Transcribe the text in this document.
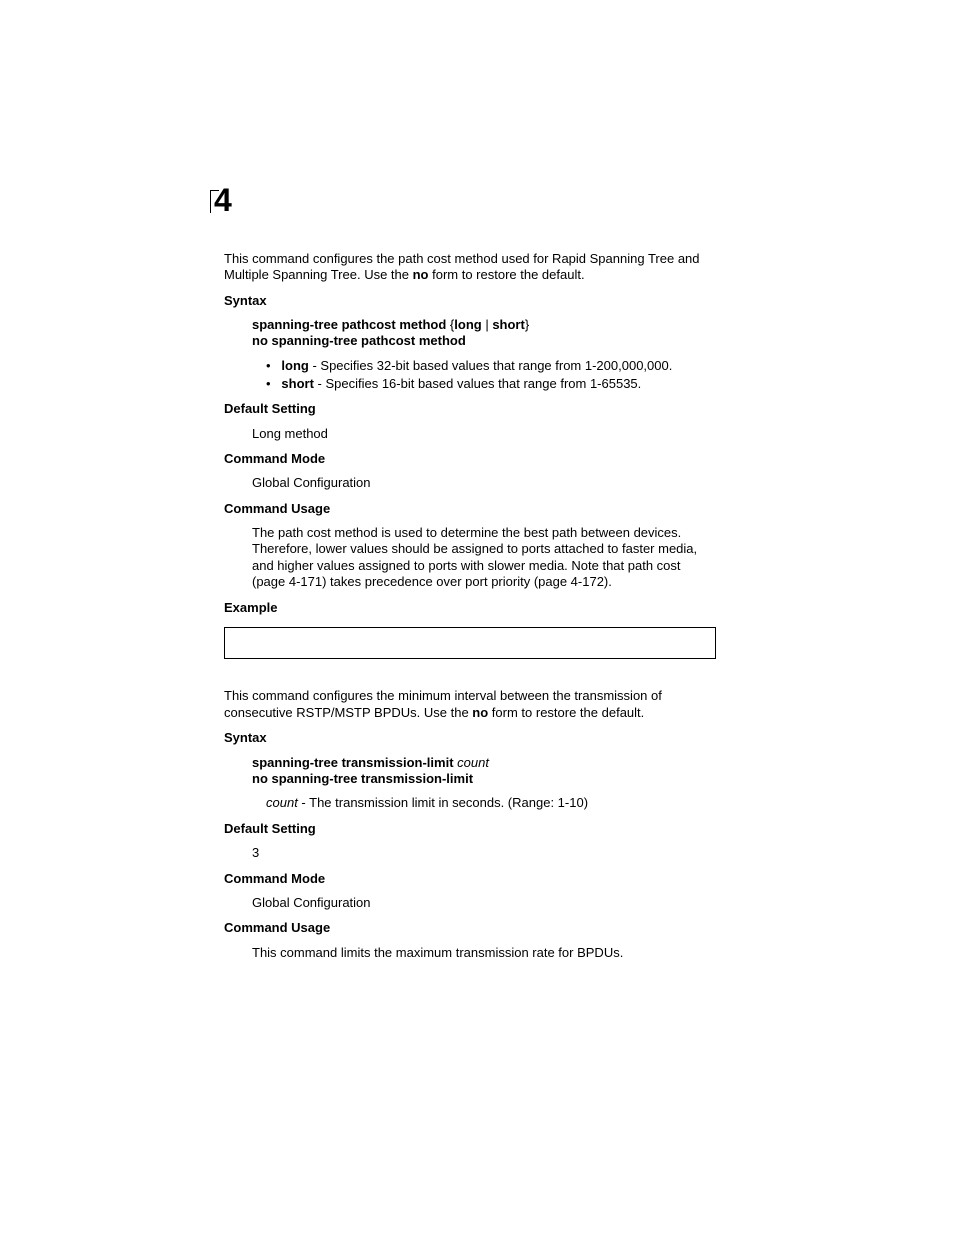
4
This command configures the path cost method used for Rapid Spanning Tree and
Multiple Spanning Tree. Use the no form to restore the default.
Syntax
spanning-tree pathcost method {long | short}
no spanning-tree pathcost method
• long - Specifies 32-bit based values that range from 1-200,000,000.
• short - Specifies 16-bit based values that range from 1-65535.
Default Setting
Long method
Command Mode
Global Configuration
Command Usage
The path cost method is used to determine the best path between devices.
Therefore, lower values should be assigned to ports attached to faster media,
and higher values assigned to ports with slower media. Note that path cost
(page 4-171) takes precedence over port priority (page 4-172).
Example
This command configures the minimum interval between the transmission of
consecutive RSTP/MSTP BPDUs. Use the no form to restore the default.
Syntax
spanning-tree transmission-limit count
no spanning-tree transmission-limit
count - The transmission limit in seconds. (Range: 1-10)
Default Setting
3
Command Mode
Global Configuration
Command Usage
This command limits the maximum transmission rate for BPDUs.
